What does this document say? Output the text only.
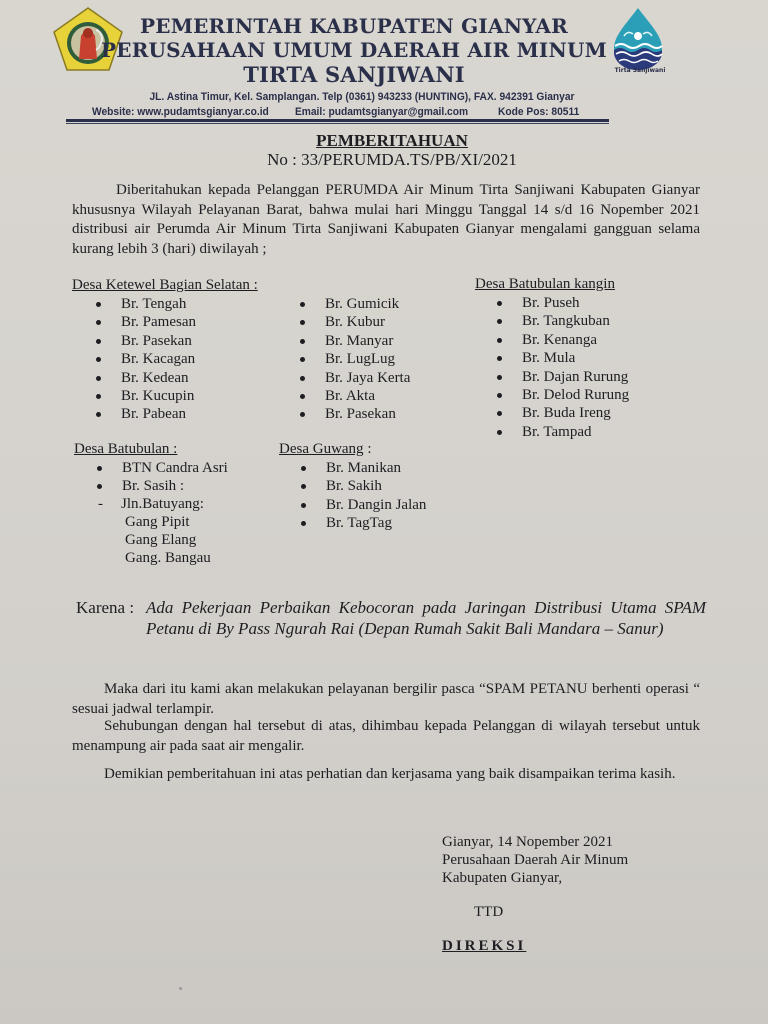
Tirta Sanjiwani
PEMERINTAH KABUPATEN GIANYAR
PERUSAHAAN UMUM DAERAH AIR MINUM
TIRTA SANJIWANI
JL. Astina Timur, Kel. Samplangan. Telp (0361) 943233 (HUNTING), FAX. 942391 Gianyar
Website: www.pudamtsgianyar.co.id Email: pudamtsgianyar@gmail.com	Kode Pos: 80511
PEMBERITAHUAN
No : 33/PERUMDA.TS/PB/XI/2021
Diberitahukan kepada Pelanggan PERUMDA Air Minum Tirta Sanjiwani Kabupaten Gianyar khususnya Wilayah Pelayanan Barat, bahwa mulai hari Minggu Tanggal 14 s/d 16 Nopember 2021 distribusi air Perumda Air Minum Tirta Sanjiwani Kabupaten Gianyar mengalami gangguan selama kurang lebih 3 (hari) diwilayah ;
Desa Ketewel Bagian Selatan :
Br. Tengah
Br. Pamesan
Br. Pasekan
Br. Kacagan
Br. Kedean
Br. Kucupin
Br. Pabean
Br. Gumicik
Br. Kubur
Br. Manyar
Br. LugLug
Br. Jaya Kerta
Br. Akta
Br. Pasekan
Desa Batubulan kangin
Br. Puseh
Br. Tangkuban
Br. Kenanga
Br. Mula
Br. Dajan Rurung
Br. Delod Rurung
Br. Buda Ireng
Br. Tampad
Desa Batubulan :
BTN Candra Asri
Br. Sasih :
- Jln.Batuyang:
Gang Pipit
Gang Elang
Gang. Bangau
Desa Guwang :
Br. Manikan
Br. Sakih
Br. Dangin Jalan
Br. TagTag
Karena : Ada Pekerjaan Perbaikan Kebocoran pada Jaringan Distribusi Utama SPAM Petanu di By Pass Ngurah Rai (Depan Rumah Sakit Bali Mandara – Sanur)
Maka dari itu kami akan melakukan pelayanan bergilir pasca “SPAM PETANU berhenti operasi “ sesuai jadwal terlampir.
Sehubungan dengan hal tersebut di atas, dihimbau kepada Pelanggan di wilayah tersebut untuk menampung air pada saat air mengalir.
Demikian pemberitahuan ini atas perhatian dan kerjasama yang baik disampaikan terima kasih.
Gianyar, 14 Nopember 2021
Perusahaan Daerah Air Minum
Kabupaten Gianyar,
TTD
DIREKSI
